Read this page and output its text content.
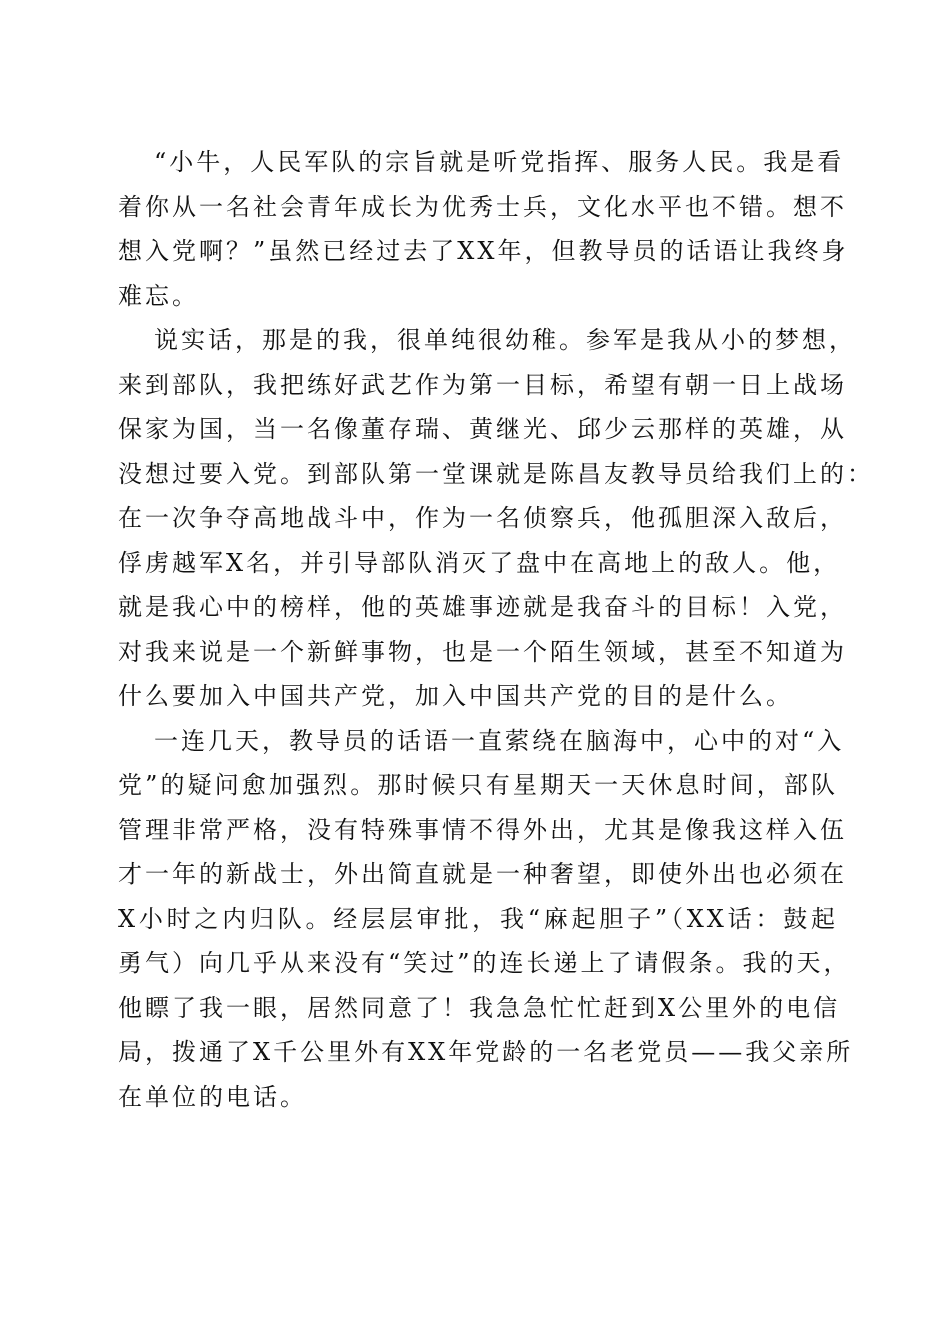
“小牛，人民军队的宗旨就是听党指挥、服务人民。我是看
着你从一名社会青年成长为优秀士兵，文化水平也不错。想不
想入党啊？”虽然已经过去了XX年，但教导员的话语让我终身
难忘。
说实话，那是的我，很单纯很幼稚。参军是我从小的梦想，
来到部队，我把练好武艺作为第一目标，希望有朝一日上战场
保家为国，当一名像董存瑞、黄继光、邱少云那样的英雄，从
没想过要入党。到部队第一堂课就是陈昌友教导员给我们上的：
在一次争夺高地战斗中，作为一名侦察兵，他孤胆深入敌后，
俘虏越军X名，并引导部队消灭了盘中在高地上的敌人。他，
就是我心中的榜样，他的英雄事迹就是我奋斗的目标！入党，
对我来说是一个新鲜事物，也是一个陌生领域，甚至不知道为
什么要加入中国共产党，加入中国共产党的目的是什么。
一连几天，教导员的话语一直萦绕在脑海中，心中的对“入
党”的疑问愈加强烈。那时候只有星期天一天休息时间，部队
管理非常严格，没有特殊事情不得外出，尤其是像我这样入伍
才一年的新战士，外出简直就是一种奢望，即使外出也必须在
X小时之内归队。经层层审批，我“麻起胆子”（XX话：鼓起
勇气）向几乎从来没有“笑过”的连长递上了请假条。我的天，
他瞟了我一眼，居然同意了！我急急忙忙赶到X公里外的电信
局，拨通了X千公里外有XX年党龄的一名老党员——我父亲所
在单位的电话。
